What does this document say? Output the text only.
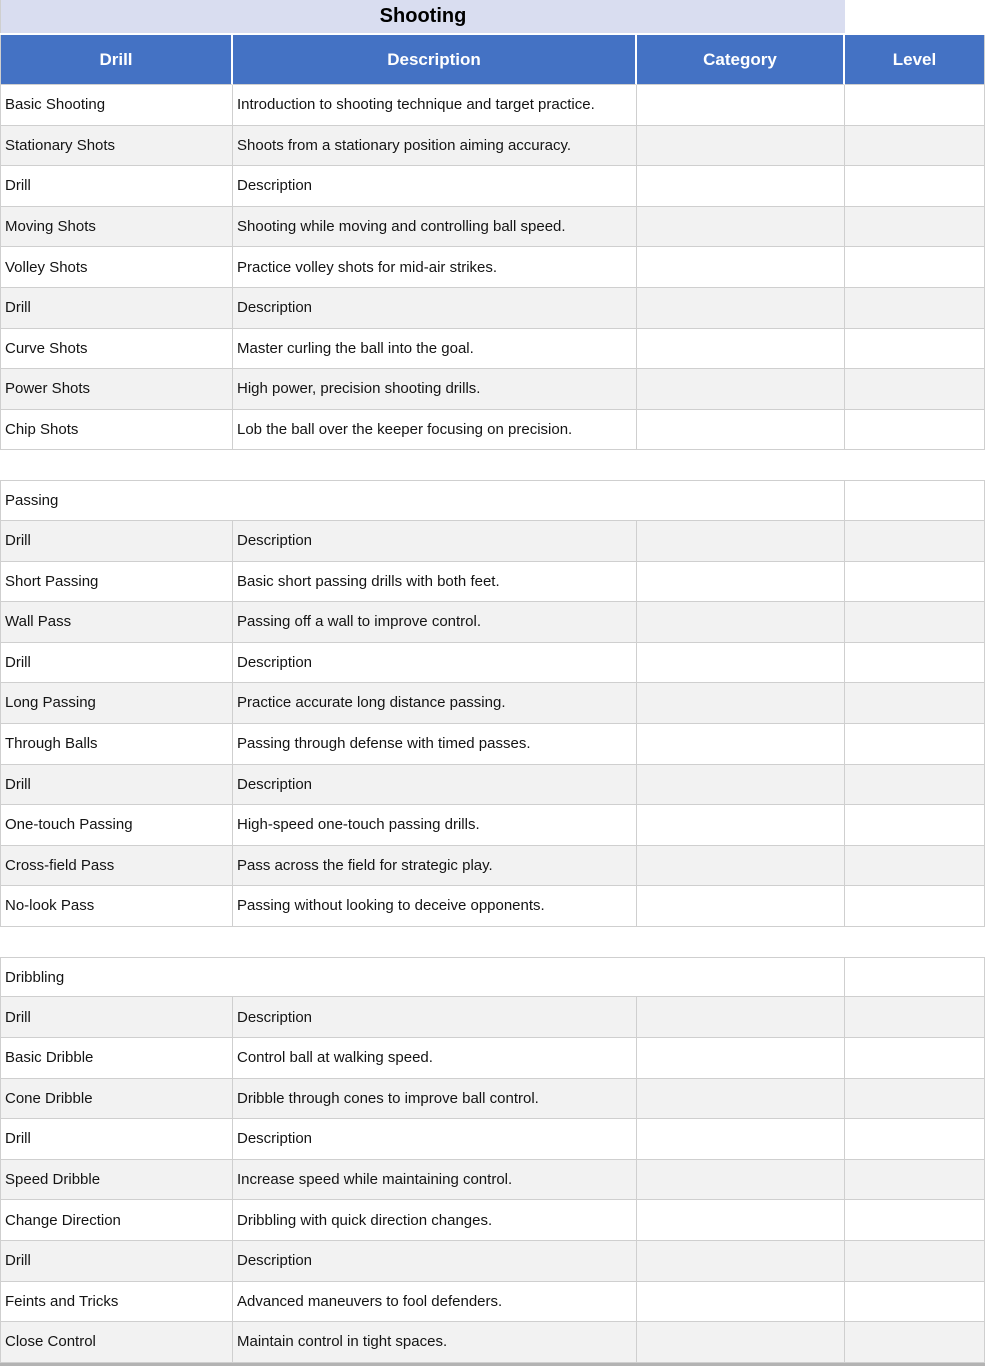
Shooting
Drill	Description	Category	Level
Basic Shooting	Introduction to shooting technique and target practice.
Stationary Shots	Shoots from a stationary position aiming accuracy.
Drill	Description
Moving Shots	Shooting while moving and controlling ball speed.
Volley Shots	Practice volley shots for mid-air strikes.
Drill	Description
Curve Shots	Master curling the ball into the goal.
Power Shots	High power, precision shooting drills.
Chip Shots	Lob the ball over the keeper focusing on precision.
Passing
Drill	Description
Short Passing	Basic short passing drills with both feet.
Wall Pass	Passing off a wall to improve control.
Drill	Description
Long Passing	Practice accurate long distance passing.
Through Balls	Passing through defense with timed passes.
Drill	Description
One-touch Passing	High-speed one-touch passing drills.
Cross-field Pass	Pass across the field for strategic play.
No-look Pass	Passing without looking to deceive opponents.
Dribbling
Drill	Description
Basic Dribble	Control ball at walking speed.
Cone Dribble	Dribble through cones to improve ball control.
Drill	Description
Speed Dribble	Increase speed while maintaining control.
Change Direction	Dribbling with quick direction changes.
Drill	Description
Feints and Tricks	Advanced maneuvers to fool defenders.
Close Control	Maintain control in tight spaces.
